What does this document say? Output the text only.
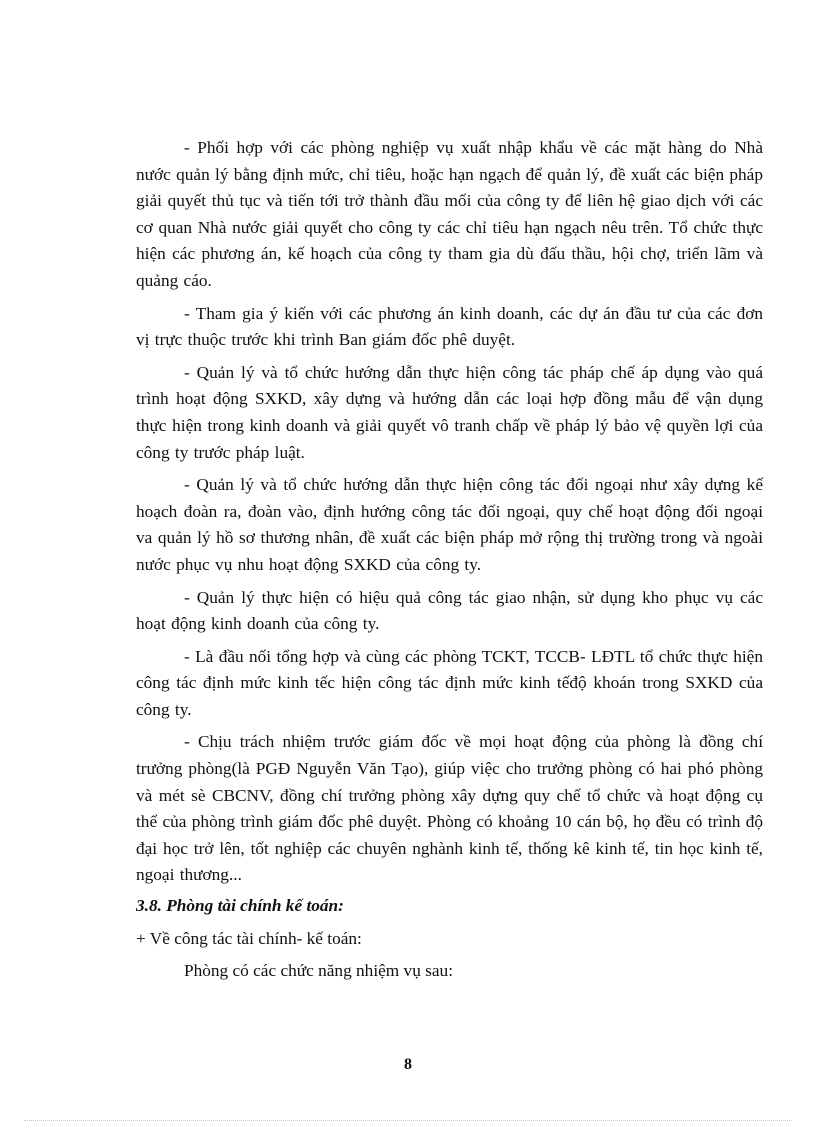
- Phối hợp với các phòng nghiệp vụ xuất nhập khẩu về các mặt hàng do Nhà nước quản lý bằng định mức, chỉ tiêu, hoặc hạn ngạch để quản lý, đề xuất các biện pháp giải quyết thủ tục và tiến tới trở thành đầu mối của công ty để liên hệ giao dịch với các cơ quan Nhà nước giải quyết cho công ty các chỉ tiêu hạn ngạch nêu trên. Tổ chức thực hiện các phương án, kế hoạch của công ty tham gia dù đấu thầu, hội chợ, triển lãm và quảng cáo.

- Tham gia ý kiến với các phương án kinh doanh, các dự án đầu tư của các đơn vị trực thuộc trước khi trình Ban giám đốc phê duyệt.

- Quản lý và tổ chức hướng dẫn thực hiện công tác pháp chế áp dụng vào quá trình hoạt động SXKD, xây dựng và hướng dẫn các loại hợp đồng mẫu để vận dụng thực hiện trong kinh doanh và giải quyết vô tranh chấp về pháp lý bảo vệ quyền lợi của công ty trước pháp luật.

- Quản lý và tổ chức hướng dẫn thực hiện công tác đối ngoại như xây dựng kế hoạch đoàn ra, đoàn vào, định hướng công tác đối ngoại, quy chế hoạt động đối ngoại va quản lý hồ sơ thương nhân, đề xuất các biện pháp mở rộng thị trường trong và ngoài nước phục vụ nhu hoạt động SXKD của công ty.

- Quản lý thực hiện có hiệu quả công tác giao nhận, sử dụng kho phục vụ các hoạt động kinh doanh của công ty.

- Là đầu nối tổng hợp và cùng các phòng TCKT, TCCB- LĐTL tổ chức thực hiện công tác định mức kinh tếc hiện công tác định mức kinh tếđộ khoán trong SXKD của công ty.

- Chịu trách nhiệm trước giám đốc về mọi hoạt động của phòng là đồng chí trưởng phòng(là PGĐ Nguyễn Văn Tạo), giúp việc cho trưởng phòng có hai phó phòng và mét sè CBCNV, đồng chí trưởng phòng xây dựng quy chế tổ chức và hoạt động cụ thể của phòng trình giám đốc phê duyệt. Phòng có khoảng 10 cán bộ, họ đều có trình độ đại học trở lên, tốt nghiệp các chuyên nghành kinh tế, thống kê kinh tế, tin học kinh tế, ngoại thương...

3.8. Phòng tài chính kế toán:
+ Về công tác tài chính- kế toán:

Phòng có các chức năng nhiệm vụ sau:

8
